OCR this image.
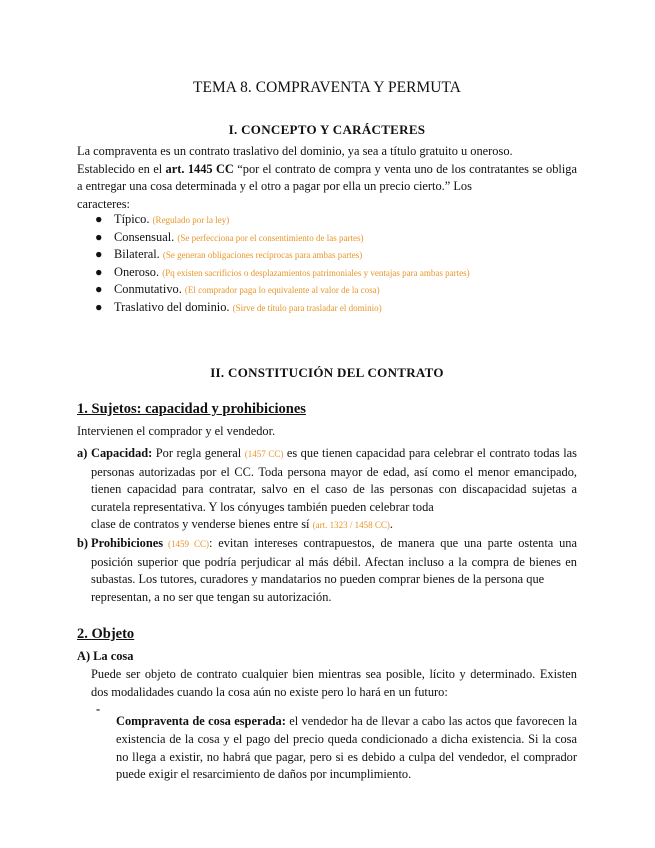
TEMA 8. COMPRAVENTA Y PERMUTA
I. CONCEPTO Y CARÁCTERES

La compraventa es un contrato traslativo del dominio, ya sea a título gratuito u oneroso.

Establecido en el art. 1445 CC “por el contrato de compra y venta uno de los contratantes se obliga a entregar una cosa determinada y el otro a pagar por ella un precio cierto.” Los

caracteres:

● Típico. (Regulado por la ley)
● Consensual. (Se perfecciona por el consentimiento de las partes)
● Bilateral. (Se generan obligaciones recíprocas para ambas partes)
● Oneroso. (Pq existen sacrificios o desplazamientos patrimoniales y ventajas para ambas partes)
● Conmutativo. (El comprador paga lo equivalente al valor de la cosa)
● Traslativo del dominio. (Sirve de título para trasladar el dominio)
II. CONSTITUCIÓN DEL CONTRATO
1. Sujetos: capacidad y prohibiciones

Intervienen el comprador y el vendedor.

a) Capacidad: Por regla general (1457 CC) es que tienen capacidad para celebrar el contrato todas las personas autorizadas por el CC. Toda persona mayor de edad, así como el menor emancipado, tienen capacidad para contratar, salvo en el caso de las personas con discapacidad sujetas a curatela representativa. Y los cónyuges también pueden celebrar toda

clase de contratos y venderse bienes entre sí (art. 1323 / 1458 CC).

b) Prohibiciones (1459 CC): evitan intereses contrapuestos, de manera que una parte ostenta una posición superior que podría perjudicar al más débil. Afectan incluso a la compra de bienes en subastas. Los tutores, curadores y mandatarios no pueden comprar bienes de la persona que

representan, a no ser que tengan su autorización.

2. Objeto
A) La cosa

Puede ser objeto de contrato cualquier bien mientras sea posible, lícito y determinado. Existen dos modalidades cuando la cosa aún no existe pero lo hará en un futuro:

-

Compraventa de cosa esperada: el vendedor ha de llevar a cabo las actos que favorecen la existencia de la cosa y el pago del precio queda condicionado a dicha existencia. Si la cosa no llega a existir, no habrá que pagar, pero si es debido a culpa del vendedor, el comprador puede exigir el resarcimiento de daños por incumplimiento.
